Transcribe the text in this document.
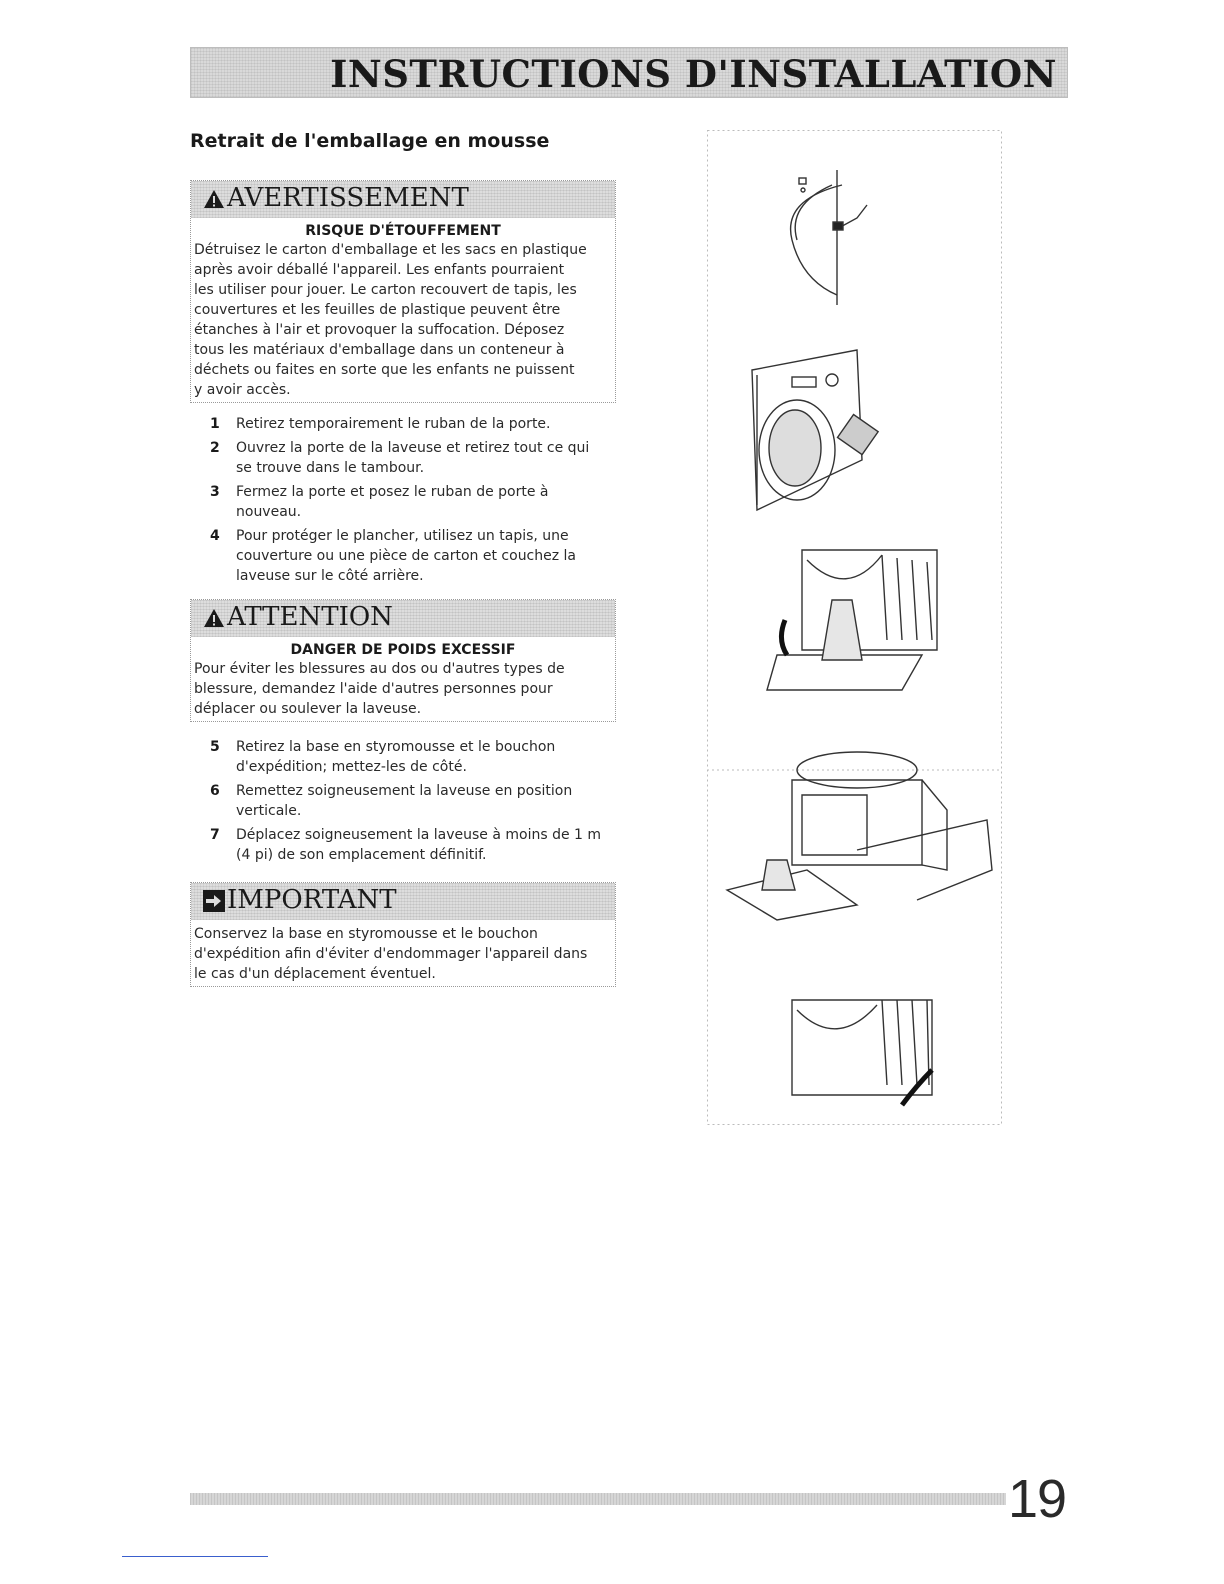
INSTRUCTIONS D'INSTALLATION
Retrait de l'emballage en mousse
AVERTISSEMENT
RISQUE D'ÉTOUFFEMENT
Détruisez le carton d'emballage et les sacs en plastique
après avoir déballé l'appareil. Les enfants pourraient
les utiliser pour jouer. Le carton recouvert de tapis, les
couvertures et les feuilles de plastique peuvent être
étanches à l'air et provoquer la suffocation. Déposez
tous les matériaux d'emballage dans un conteneur à
déchets ou faites en sorte que les enfants ne puissent
y avoir accès.
1	Retirez temporairement le ruban de la porte.
2	Ouvrez la porte de la laveuse et retirez tout ce qui
se trouve dans le tambour.
3	Fermez la porte et posez le ruban de porte à
nouveau.
4	Pour protéger le plancher, utilisez un tapis, une
couverture ou une pièce de carton et couchez la
laveuse sur le côté arrière.
ATTENTION
DANGER DE POIDS EXCESSIF
Pour éviter les blessures au dos ou d'autres types de
blessure, demandez l'aide d'autres personnes pour
déplacer ou soulever la laveuse.
5	Retirez la base en styromousse et le bouchon
d'expédition; mettez-les de côté.
6	Remettez soigneusement la laveuse en position
verticale.
7	Déplacez soigneusement la laveuse à moins de 1 m
(4 pi) de son emplacement définitif.
IMPORTANT
Conservez la base en styromousse et le bouchon
d'expédition afin d'éviter d'endommager l'appareil dans
le cas d'un déplacement éventuel.
19
